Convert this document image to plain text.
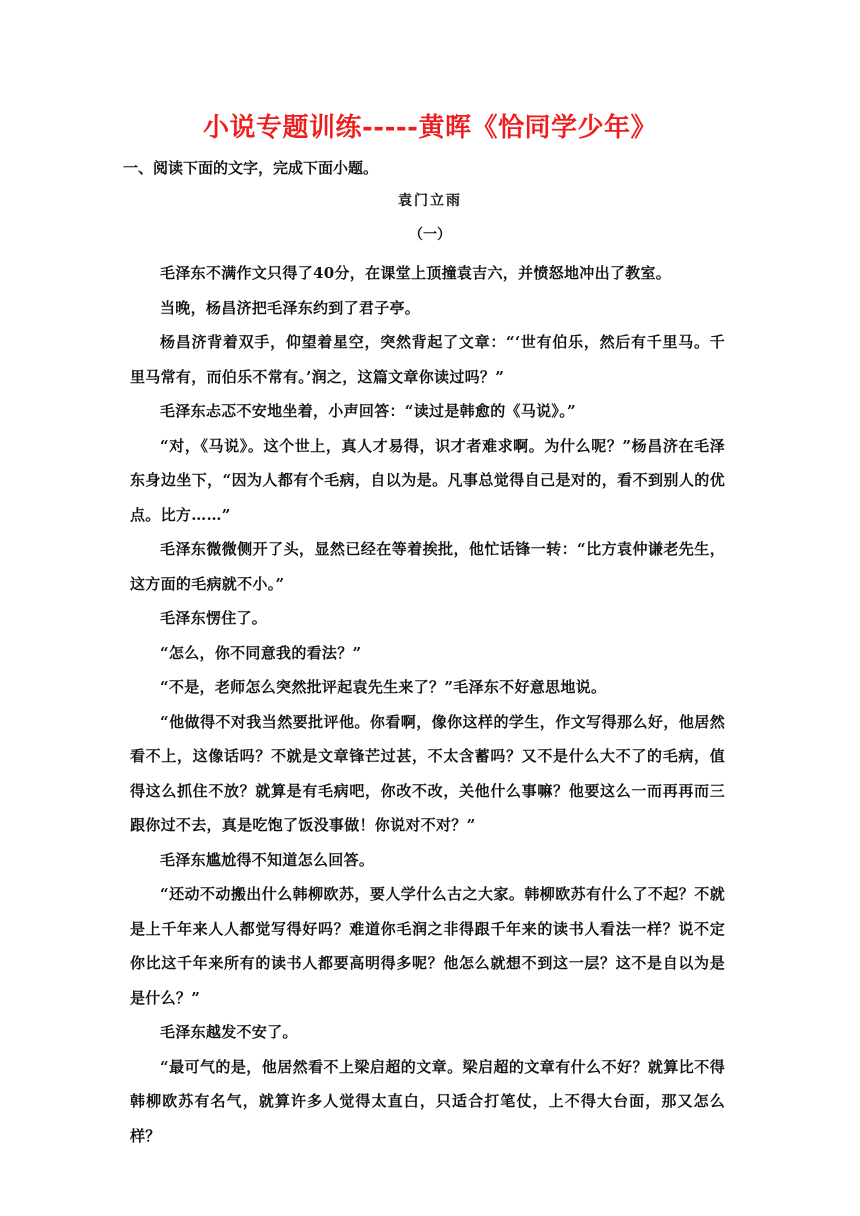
小说专题训练-----黄晖《恰同学少年》
一、阅读下面的文字，完成下面小题。
袁门立雨
（一）

毛泽东不满作文只得了40分，在课堂上顶撞袁吉六，并愤怒地冲出了教室。

当晚，杨昌济把毛泽东约到了君子亭。

杨昌济背着双手，仰望着星空，突然背起了文章：“‘世有伯乐，然后有千里马。千里马常有，而伯乐不常有。’润之，这篇文章你读过吗？”

毛泽东忐忑不安地坐着，小声回答：“读过是韩愈的《马说》。”

“对，《马说》。这个世上，真人才易得，识才者难求啊。为什么呢？”杨昌济在毛泽东身边坐下，“因为人都有个毛病，自以为是。凡事总觉得自己是对的，看不到别人的优点。比方……”

毛泽东微微侧开了头，显然已经在等着挨批，他忙话锋一转：“比方袁仲谦老先生，这方面的毛病就不小。”

毛泽东愣住了。

“怎么，你不同意我的看法？”

“不是，老师怎么突然批评起袁先生来了？”毛泽东不好意思地说。

“他做得不对我当然要批评他。你看啊，像你这样的学生，作文写得那么好，他居然看不上，这像话吗？不就是文章锋芒过甚，不太含蓄吗？又不是什么大不了的毛病，值得这么抓住不放？就算是有毛病吧，你改不改，关他什么事嘛？他要这么一而再再而三跟你过不去，真是吃饱了饭没事做！你说对不对？”

毛泽东尴尬得不知道怎么回答。

“还动不动搬出什么韩柳欧苏，要人学什么古之大家。韩柳欧苏有什么了不起？不就是上千年来人人都觉写得好吗？难道你毛润之非得跟千年来的读书人看法一样？说不定你比这千年来所有的读书人都要高明得多呢？他怎么就想不到这一层？这不是自以为是是什么？”

毛泽东越发不安了。

“最可气的是，他居然看不上梁启超的文章。梁启超的文章有什么不好？就算比不得韩柳欧苏有名气，就算许多人觉得太直白，只适合打笔仗，上不得大台面，那又怎么样？
